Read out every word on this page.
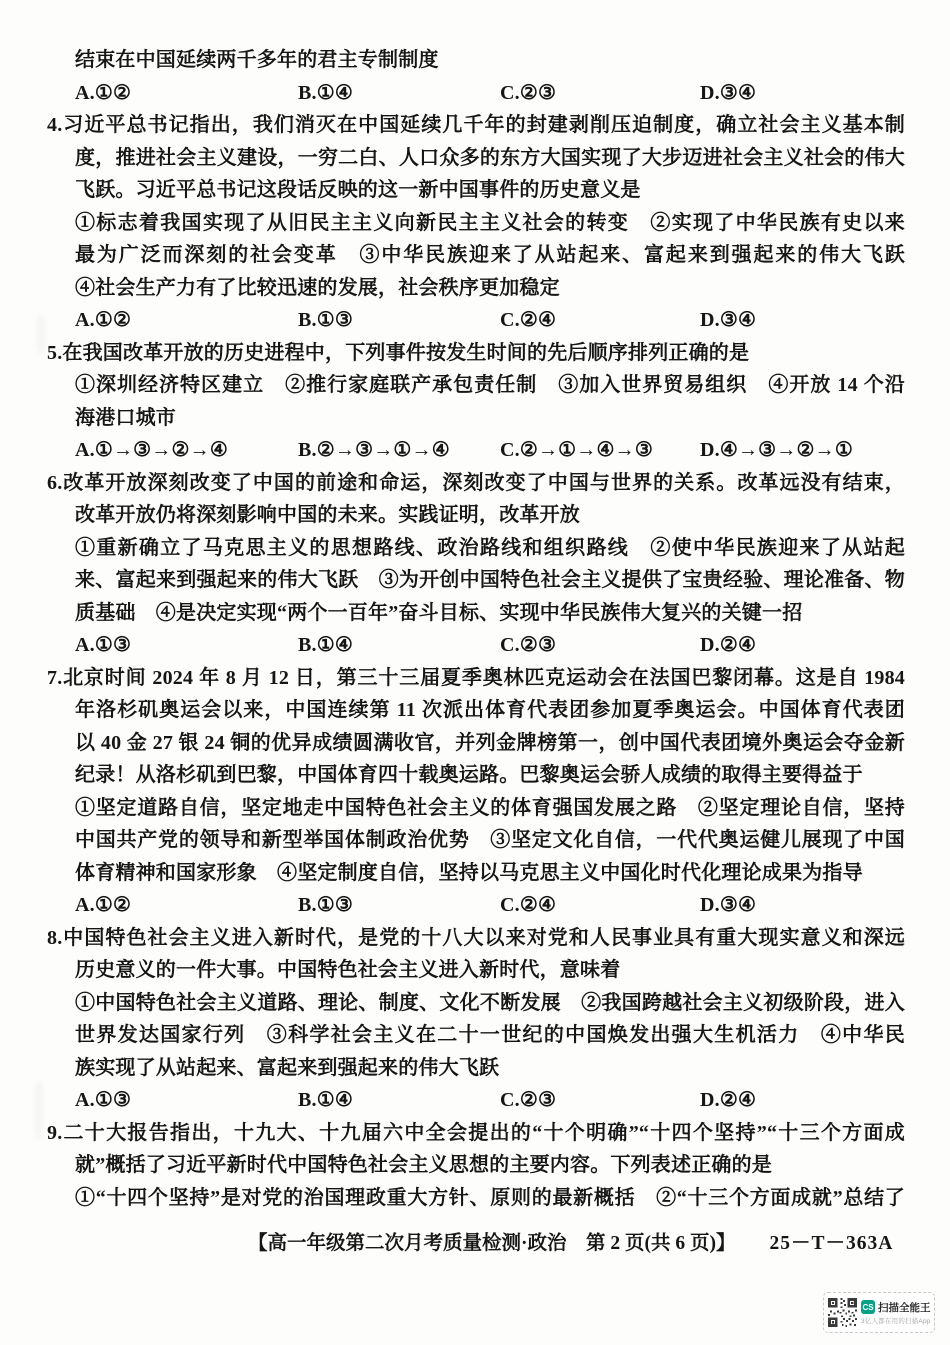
结束在中国延续两千多年的君主专制制度
A.①②	B.①④	C.②③	D.③④
4.习近平总书记指出，我们消灭在中国延续几千年的封建剥削压迫制度，确立社会主义基本制
度，推进社会主义建设，一穷二白、人口众多的东方大国实现了大步迈进社会主义社会的伟大
飞跃。习近平总书记这段话反映的这一新中国事件的历史意义是
①标志着我国实现了从旧民主主义向新民主主义社会的转变　②实现了中华民族有史以来
最为广泛而深刻的社会变革　③中华民族迎来了从站起来、富起来到强起来的伟大飞跃
④社会生产力有了比较迅速的发展，社会秩序更加稳定
A.①②	B.①③	C.②④	D.③④
5.在我国改革开放的历史进程中，下列事件按发生时间的先后顺序排列正确的是
①深圳经济特区建立　②推行家庭联产承包责任制　③加入世界贸易组织　④开放 14 个沿
海港口城市
A.①→③→②→④	B.②→③→①→④	C.②→①→④→③	D.④→③→②→①
6.改革开放深刻改变了中国的前途和命运，深刻改变了中国与世界的关系。改革远没有结束，
改革开放仍将深刻影响中国的未来。实践证明，改革开放
①重新确立了马克思主义的思想路线、政治路线和组织路线　②使中华民族迎来了从站起
来、富起来到强起来的伟大飞跃　③为开创中国特色社会主义提供了宝贵经验、理论准备、物
质基础　④是决定实现“两个一百年”奋斗目标、实现中华民族伟大复兴的关键一招
A.①③	B.①④	C.②③	D.②④
7.北京时间 2024 年 8 月 12 日，第三十三届夏季奥林匹克运动会在法国巴黎闭幕。这是自 1984
年洛杉矶奥运会以来，中国连续第 11 次派出体育代表团参加夏季奥运会。中国体育代表团
以 40 金 27 银 24 铜的优异成绩圆满收官，并列金牌榜第一，创中国代表团境外奥运会夺金新
纪录！从洛杉矶到巴黎，中国体育四十载奥运路。巴黎奥运会骄人成绩的取得主要得益于
①坚定道路自信，坚定地走中国特色社会主义的体育强国发展之路　②坚定理论自信，坚持
中国共产党的领导和新型举国体制政治优势　③坚定文化自信，一代代奥运健儿展现了中国
体育精神和国家形象　④坚定制度自信，坚持以马克思主义中国化时代化理论成果为指导
A.①②	B.①③	C.②④	D.③④
8.中国特色社会主义进入新时代，是党的十八大以来对党和人民事业具有重大现实意义和深远
历史意义的一件大事。中国特色社会主义进入新时代，意味着
①中国特色社会主义道路、理论、制度、文化不断发展　②我国跨越社会主义初级阶段，进入
世界发达国家行列　③科学社会主义在二十一世纪的中国焕发出强大生机活力　④中华民
族实现了从站起来、富起来到强起来的伟大飞跃
A.①③	B.①④	C.②③	D.②④
9.二十大报告指出，十九大、十九届六中全会提出的“十个明确”“十四个坚持”“十三个方面成
就”概括了习近平新时代中国特色社会主义思想的主要内容。下列表述正确的是
①“十四个坚持”是对党的治国理政重大方针、原则的最新概括　②“十三个方面成就”总结了
【高一年级第二次月考质量检测·政治　第 2 页(共 6 页)】 25－T－363A
CS 扫描全能王
3亿人都在用的扫描App
